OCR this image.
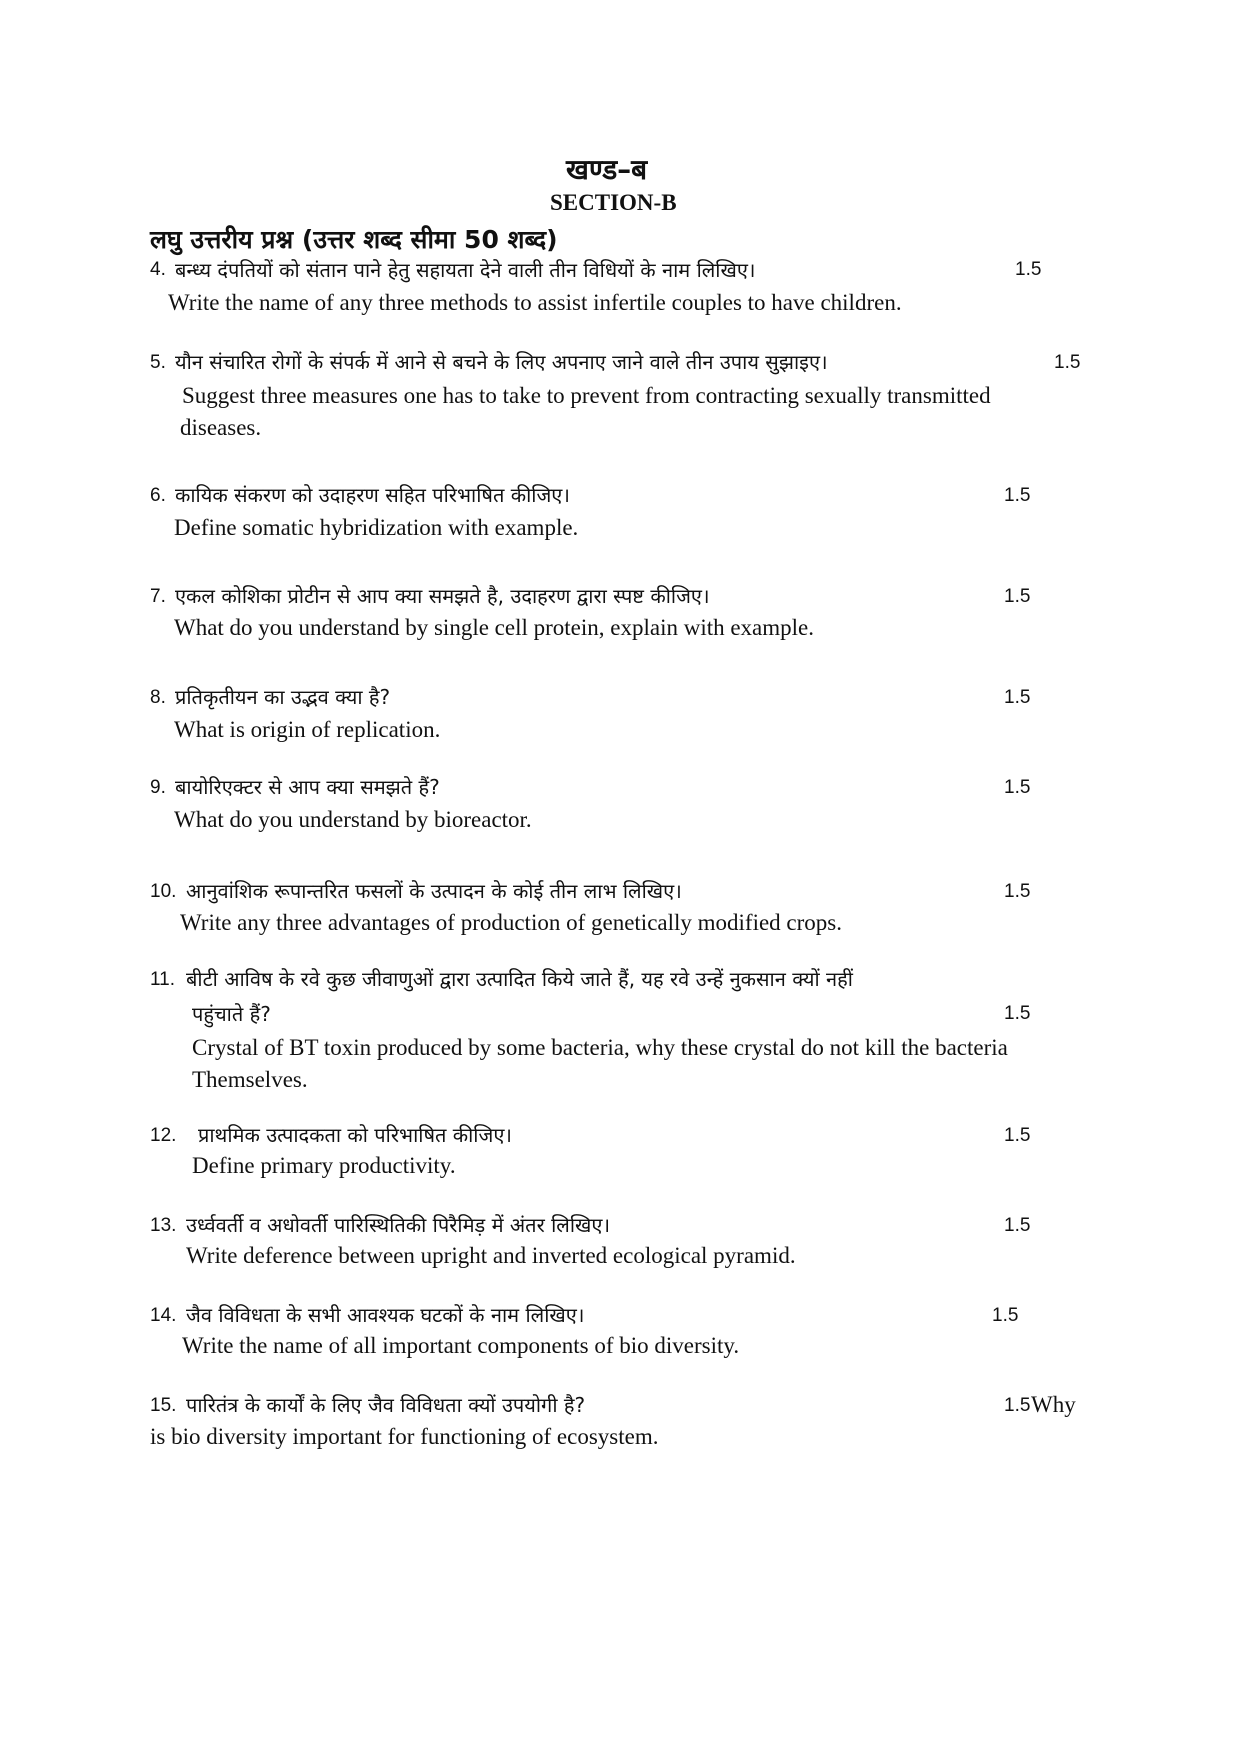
खण्ड–ब
SECTION-B
लघु उत्तरीय प्रश्न (उत्तर शब्द सीमा 50 शब्द)
4. बन्ध्य दंपतियों को संतान पाने हेतु सहायता देने वाली तीन विधियों के नाम लिखिए।	1.5
Write the name of any three methods to assist infertile couples to have children.
5. यौन संचारित रोगों के संपर्क में आने से बचने के लिए अपनाए जाने वाले तीन उपाय सुझाइए।	1.5
Suggest three measures one has to take to prevent from contracting sexually transmitted
diseases.
6. कायिक संकरण को उदाहरण सहित परिभाषित कीजिए।	1.5
Define somatic hybridization with example.
7. एकल कोशिका प्रोटीन से आप क्या समझते है, उदाहरण द्वारा स्पष्ट कीजिए।	1.5
What do you understand by single cell protein, explain with example.
8. प्रतिकृतीयन का उद्भव क्या है?	1.5
What is origin of replication.
9. बायोरिएक्टर से आप क्या समझते हैं?	1.5
What do you understand by bioreactor.
10. आनुवांशिक रूपान्तरित फसलों के उत्पादन के कोई तीन लाभ लिखिए।	1.5
Write any three advantages of production of genetically modified crops.
11. बीटी आविष के रवे कुछ जीवाणुओं द्वारा उत्पादित किये जाते हैं, यह रवे उन्हें नुकसान क्यों नहीं
पहुंचाते हैं?	1.5
Crystal of BT toxin produced by some bacteria, why these crystal do not kill the bacteria
Themselves.
12. प्राथमिक उत्पादकता को परिभाषित कीजिए।	1.5
Define primary productivity.
13. उर्ध्ववर्ती व अधोवर्ती पारिस्थितिकी पिरैमिड़ में अंतर लिखिए।	1.5
Write deference between upright and inverted ecological pyramid.
14. जैव विविधता के सभी आवश्यक घटकों के नाम लिखिए।	1.5
Write the name of all important components of bio diversity.
15. पारितंत्र के कार्यों के लिए जैव विविधता क्यों उपयोगी है?	1.5 Why
is bio diversity important for functioning of ecosystem.
